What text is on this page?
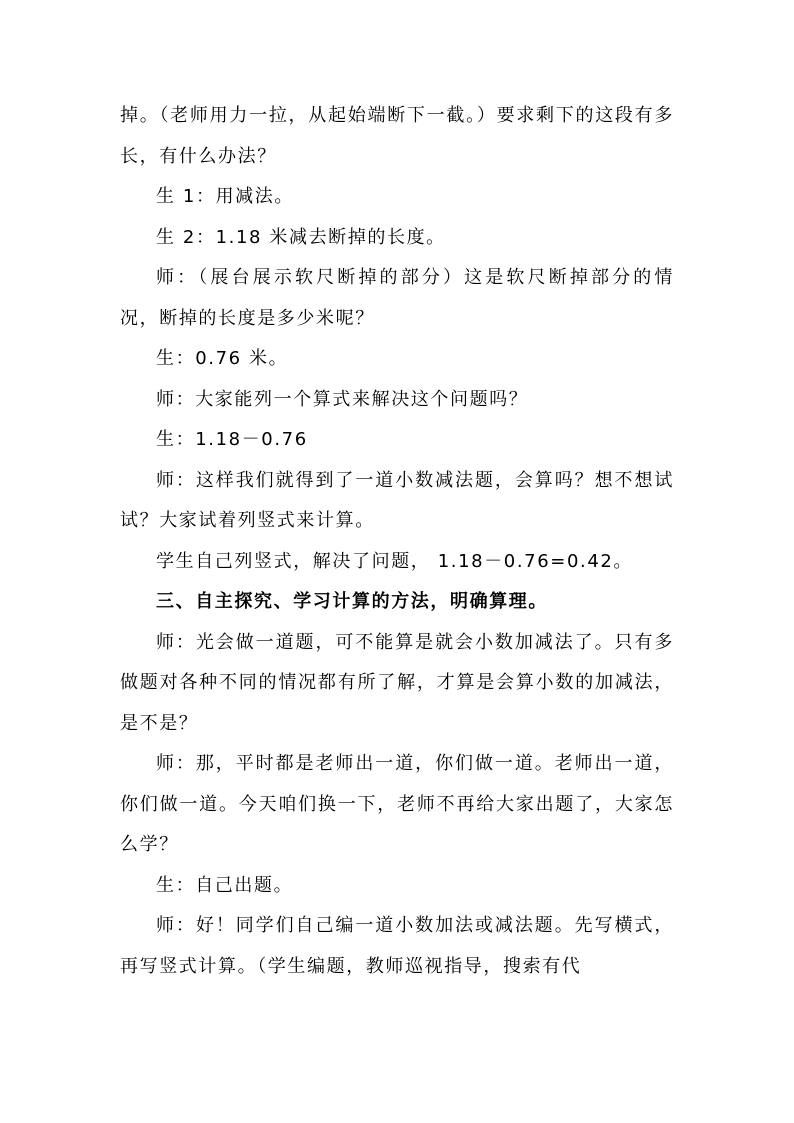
掉。（老师用力一拉，从起始端断下一截。）要求剩下的这段有多长，有什么办法？

生 1：用减法。

生 2：1.18 米减去断掉的长度。

师：（展台展示软尺断掉的部分）这是软尺断掉部分的情况，断掉的长度是多少米呢？

生：0.76 米。

师：大家能列一个算式来解决这个问题吗？

生：1.18－0.76

师：这样我们就得到了一道小数减法题，会算吗？想不想试试？大家试着列竖式来计算。

学生自己列竖式，解决了问题， 1.18－0.76=0.42。

三、自主探究、学习计算的方法，明确算理。

师：光会做一道题，可不能算是就会小数加减法了。只有多做题对各种不同的情况都有所了解，才算是会算小数的加减法，是不是？

师：那，平时都是老师出一道，你们做一道。老师出一道，你们做一道。今天咱们换一下，老师不再给大家出题了，大家怎么学？

生：自己出题。

师：好！同学们自己编一道小数加法或减法题。先写横式，再写竖式计算。（学生编题，教师巡视指导，搜索有代
